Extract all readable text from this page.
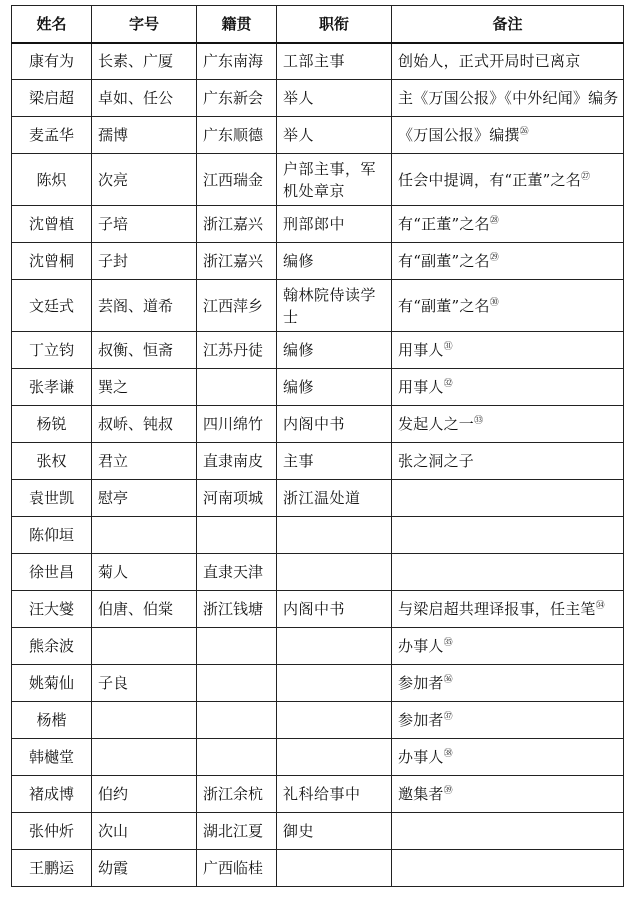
姓名	字号	籍贯	职衔	备注
康有为	长素、广厦	广东南海	工部主事	创始人，正式开局时已离京
梁启超	卓如、任公	广东新会	举人	主《万国公报》《中外纪闻》编务
麦孟华	孺博	广东顺德	举人	《万国公报》编撰$^㉖$
陈炽	次亮	江西瑞金	户部主事，军机处章京	任会中提调，有“正董”之名$^㉗$
沈曾植	子培	浙江嘉兴	刑部郎中	有“正董”之名$^㉘$
沈曾桐	子封	浙江嘉兴	编修	有“副董”之名$^㉙$
文廷式	芸阁、道希	江西萍乡	翰林院侍读学士	有“副董”之名$^㉚$
丁立钧	叔衡、恒斋	江苏丹徒	编修	用事人$^㉛$
张孝谦	巽之		编修	用事人$^㉜$
杨锐	叔峤、钝叔	四川绵竹	内阁中书	发起人之一$^㉝$
张权	君立	直隶南皮	主事	张之洞之子
袁世凯	慰亭	河南项城	浙江温处道	
陈仰垣				
徐世昌	菊人	直隶天津		
汪大燮	伯唐、伯棠	浙江钱塘	内阁中书	与梁启超共理译报事，任主笔$^㉞$
熊余波				办事人$^㉟$
姚菊仙	子良			参加者$^㊱$
杨楷				参加者$^㊲$
韩樾堂				办事人$^㊳$
褚成博	伯约	浙江余杭	礼科给事中	邀集者$^㊴$
张仲炘	次山	湖北江夏	御史	
王鹏运	幼霞	广西临桂		
